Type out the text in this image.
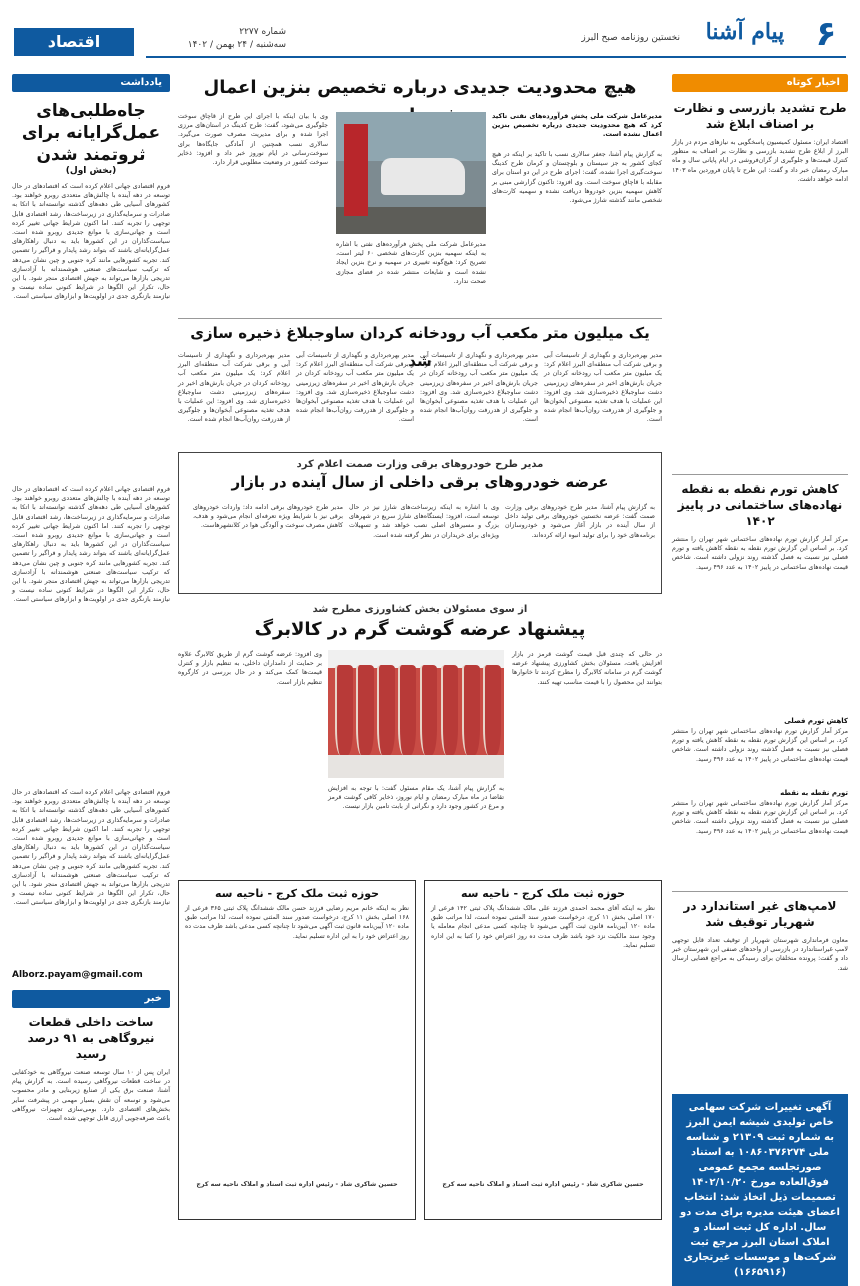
۶
پیام آشنا
نخستین روزنامه صبح البرز
شماره ۲۲۷۷
سه‌شنبه / ۲۴ بهمن / ۱۴۰۲
اقتصاد
اخبار کوتاه
طرح تشدید بازرسی و نظارت بر اصناف ابلاغ شد
اقتصاد ایران: مسئول کمیسیون پاسخگویی به نیازهای مردم در بازار البرز از ابلاغ طرح تشدید بازرسی و نظارت بر اصناف به منظور کنترل قیمت‌ها و جلوگیری از گران‌فروشی در ایام پایانی سال و ماه مبارک رمضان خبر داد و گفت: این طرح تا پایان فروردین ماه ۱۴۰۳ ادامه خواهد داشت.
کاهش تورم نقطه به نقطه نهاده‌های ساختمانی در پاییز ۱۴۰۲
مرکز آمار گزارش تورم نهاده‌های ساختمانی شهر تهران را منتشر کرد. بر اساس این گزارش تورم نقطه به نقطه کاهش یافته و تورم فصلی نیز نسبت به فصل گذشته روند نزولی داشته است. شاخص قیمت نهاده‌های ساختمانی در پاییز ۱۴۰۲ به عدد ۴۹۶ رسید.
کاهش تورم فصلی
مرکز آمار گزارش تورم نهاده‌های ساختمانی شهر تهران را منتشر کرد. بر اساس این گزارش تورم نقطه به نقطه کاهش یافته و تورم فصلی نیز نسبت به فصل گذشته روند نزولی داشته است. شاخص قیمت نهاده‌های ساختمانی در پاییز ۱۴۰۲ به عدد ۴۹۶ رسید.
تورم نقطه به نقطه
مرکز آمار گزارش تورم نهاده‌های ساختمانی شهر تهران را منتشر کرد. بر اساس این گزارش تورم نقطه به نقطه کاهش یافته و تورم فصلی نیز نسبت به فصل گذشته روند نزولی داشته است. شاخص قیمت نهاده‌های ساختمانی در پاییز ۱۴۰۲ به عدد ۴۹۶ رسید.
لامپ‌های غیر استاندارد در شهریار توقیف شد
معاون فرمانداری شهرستان شهریار از توقیف تعداد قابل توجهی لامپ غیراستاندارد در بازرسی از واحدهای صنفی این شهرستان خبر داد و گفت: پرونده متخلفان برای رسیدگی به مراجع قضایی ارسال شد.
آگهی تغییرات شرکت سهامی خاص تولیدی شیشه ایمن البرز به شماره ثبت ۲۱۳۰۹ و شناسه ملی ۱۰۸۶۰۳۷۶۲۷۴ به استناد صورتجلسه مجمع عمومی فوق‌العاده مورخ ۱۴۰۲/۱۰/۲۰ تصمیمات ذیل اتخاذ شد: انتخاب اعضای هیئت مدیره برای مدت دو سال. اداره کل ثبت اسناد و املاک استان البرز مرجع ثبت شرکت‌ها و موسسات غیرتجاری (۱۶۶۵۹۱۶)
هیچ محدودیت جدیدی درباره تخصیص بنزین اعمال
مدیرعامل شرکت ملی پخش فرآورده‌های نفتی تاکید کرد که هیچ محدودیت جدیدی درباره تخصیص بنزین اعمال نشده است.
به گزارش پیام آشنا، جعفر سالاری نسب با تاکید بر اینکه در هیچ کجای کشور به جز سیستان و بلوچستان و کرمان طرح کدینگ سوخت‌گیری اجرا نشده، گفت: اجرای طرح در این دو استان برای مقابله با قاچاق سوخت است. وی افزود: تاکنون گزارشی مبنی بر کاهش سهمیه بنزین خودروها دریافت نشده و سهمیه کارت‌های شخصی مانند گذشته شارژ می‌شود.
مدیرعامل شرکت ملی پخش فرآورده‌های نفتی با اشاره به اینکه سهمیه بنزین کارت‌های شخصی ۶۰ لیتر است، تصریح کرد: هیچ‌گونه تغییری در سهمیه و نرخ بنزین ایجاد نشده است و شایعات منتشر شده در فضای مجازی صحت ندارد.
وی با بیان اینکه با اجرای این طرح از قاچاق سوخت جلوگیری می‌شود، گفت: طرح کدینگ در استان‌های مرزی اجرا شده و برای مدیریت مصرف صورت می‌گیرد. سالاری نسب همچنین از آمادگی جایگاه‌ها برای سوخت‌رسانی در ایام نوروز خبر داد و افزود: ذخایر سوخت کشور در وضعیت مطلوبی قرار دارد.
یک میلیون متر مکعب آب رودخانه کردان ساوجبلاغ ذخیره سازی شد	مدیر بهره‌برداری و نگهداری از تاسیسات آبی و برقی شرکت آب منطقه‌ای البرز اعلام کرد: یک میلیون متر مکعب آب رودخانه کردان در جریان بارش‌های اخیر در سفره‌های زیرزمینی دشت ساوجبلاغ ذخیره‌سازی شد. وی افزود: این عملیات با هدف تغذیه مصنوعی آبخوان‌ها و جلوگیری از هدررفت روان‌آب‌ها انجام شده است.
مدیر بهره‌برداری و نگهداری از تاسیسات آبی و برقی شرکت آب منطقه‌ای البرز اعلام کرد: یک میلیون متر مکعب آب رودخانه کردان در جریان بارش‌های اخیر در سفره‌های زیرزمینی دشت ساوجبلاغ ذخیره‌سازی شد. وی افزود: این عملیات با هدف تغذیه مصنوعی آبخوان‌ها و جلوگیری از هدررفت روان‌آب‌ها انجام شده است.
مدیر بهره‌برداری و نگهداری از تاسیسات آبی و برقی شرکت آب منطقه‌ای البرز اعلام کرد: یک میلیون متر مکعب آب رودخانه کردان در جریان بارش‌های اخیر در سفره‌های زیرزمینی دشت ساوجبلاغ ذخیره‌سازی شد. وی افزود: این عملیات با هدف تغذیه مصنوعی آبخوان‌ها و جلوگیری از هدررفت روان‌آب‌ها انجام شده است.
مدیر بهره‌برداری و نگهداری از تاسیسات آبی و برقی شرکت آب منطقه‌ای البرز اعلام کرد: یک میلیون متر مکعب آب رودخانه کردان در جریان بارش‌های اخیر در سفره‌های زیرزمینی دشت ساوجبلاغ ذخیره‌سازی شد. وی افزود: این عملیات با هدف تغذیه مصنوعی آبخوان‌ها و جلوگیری از هدررفت روان‌آب‌ها انجام شده است.
مدیر طرح خودروهای برقی وزارت صمت اعلام کرد
عرضه خودروهای برقی داخلی از سال آینده در بازار
به گزارش پیام آشنا، مدیر طرح خودروهای برقی وزارت صمت گفت: عرضه نخستین خودروهای برقی تولید داخل از سال آینده در بازار آغاز می‌شود و خودروسازان برنامه‌های خود را برای تولید انبوه ارائه کرده‌اند.
وی با اشاره به اینکه زیرساخت‌های شارژ نیز در حال توسعه است، افزود: ایستگاه‌های شارژ سریع در شهرهای بزرگ و مسیرهای اصلی نصب خواهد شد و تسهیلات ویژه‌ای برای خریداران در نظر گرفته شده است.
مدیر طرح خودروهای برقی ادامه داد: واردات خودروهای برقی نیز با شرایط ویژه تعرفه‌ای انجام می‌شود و هدف، کاهش مصرف سوخت و آلودگی هوا در کلانشهرهاست.
از سوی مسئولان بخش کشاورزی مطرح شد
پیشنهاد عرضه گوشت گرم در کالابرگ
در حالی که چندی قبل قیمت گوشت قرمز در بازار افزایش یافت، مسئولان بخش کشاورزی پیشنهاد عرضه گوشت گرم در سامانه کالابرگ را مطرح کردند تا خانوارها بتوانند این محصول را با قیمت مناسب تهیه کنند.
به گزارش پیام آشنا، یک مقام مسئول گفت: با توجه به افزایش تقاضا در ماه مبارک رمضان و ایام نوروز، ذخایر کافی گوشت قرمز و مرغ در کشور وجود دارد و نگرانی از بابت تامین بازار نیست.
وی افزود: عرضه گوشت گرم از طریق کالابرگ علاوه بر حمایت از دامداران داخلی، به تنظیم بازار و کنترل قیمت‌ها کمک می‌کند و در حال بررسی در کارگروه تنظیم بازار است.
حوزه ثبت ملک کرج - ناحیه سه
نظر به اینکه آقای محمد احمدی فرزند علی مالک ششدانگ پلاک ثبتی ۱۴۲ فرعی از ۱۷۰ اصلی بخش ۱۱ کرج، درخواست صدور سند المثنی نموده است، لذا مراتب طبق ماده ۱۲۰ آیین‌نامه قانون ثبت آگهی می‌شود تا چنانچه کسی مدعی انجام معامله یا وجود سند مالکیت نزد خود باشد ظرف مدت ده روز اعتراض خود را کتبا به این اداره تسلیم نماید.
حسین شاکری شاد - رئیس اداره ثبت اسناد و املاک ناحیه سه کرج
حوزه ثبت ملک کرج - ناحیه سه
نظر به اینکه خانم مریم رضایی فرزند حسن مالک ششدانگ پلاک ثبتی ۳۶۵ فرعی از ۱۶۸ اصلی بخش ۱۱ کرج، درخواست صدور سند المثنی نموده است، لذا مراتب طبق ماده ۱۲۰ آیین‌نامه قانون ثبت آگهی می‌شود تا چنانچه کسی مدعی باشد ظرف مدت ده روز اعتراض خود را به این اداره تسلیم نماید.
حسین شاکری شاد - رئیس اداره ثبت اسناد و املاک ناحیه سه کرج
یادداشت
جاه‌طلبی‌های عمل‌گرایانه برای ثروتمند شدن
(بخش اول)
فروم اقتصادی جهانی اعلام کرده است که اقتصادهای در حال توسعه در دهه آینده با چالش‌های متعددی روبرو خواهند بود. کشورهای آسیایی طی دهه‌های گذشته توانسته‌اند با اتکا به صادرات و سرمایه‌گذاری در زیرساخت‌ها، رشد اقتصادی قابل توجهی را تجربه کنند. اما اکنون شرایط جهانی تغییر کرده است و جهانی‌سازی با موانع جدیدی روبرو شده است. سیاست‌گذاران در این کشورها باید به دنبال راهکارهای عمل‌گرایانه‌ای باشند که بتواند رشد پایدار و فراگیر را تضمین کند. تجربه کشورهایی مانند کره جنوبی و چین نشان می‌دهد که ترکیب سیاست‌های صنعتی هوشمندانه با آزادسازی تدریجی بازارها می‌تواند به جهش اقتصادی منجر شود. با این حال، تکرار این الگوها در شرایط کنونی ساده نیست و نیازمند بازنگری جدی در اولویت‌ها و ابزارهای سیاستی است.
فروم اقتصادی جهانی اعلام کرده است که اقتصادهای در حال توسعه در دهه آینده با چالش‌های متعددی روبرو خواهند بود. کشورهای آسیایی طی دهه‌های گذشته توانسته‌اند با اتکا به صادرات و سرمایه‌گذاری در زیرساخت‌ها، رشد اقتصادی قابل توجهی را تجربه کنند. اما اکنون شرایط جهانی تغییر کرده است و جهانی‌سازی با موانع جدیدی روبرو شده است. سیاست‌گذاران در این کشورها باید به دنبال راهکارهای عمل‌گرایانه‌ای باشند که بتواند رشد پایدار و فراگیر را تضمین کند. تجربه کشورهایی مانند کره جنوبی و چین نشان می‌دهد که ترکیب سیاست‌های صنعتی هوشمندانه با آزادسازی تدریجی بازارها می‌تواند به جهش اقتصادی منجر شود. با این حال، تکرار این الگوها در شرایط کنونی ساده نیست و نیازمند بازنگری جدی در اولویت‌ها و ابزارهای سیاستی است.
فروم اقتصادی جهانی اعلام کرده است که اقتصادهای در حال توسعه در دهه آینده با چالش‌های متعددی روبرو خواهند بود. کشورهای آسیایی طی دهه‌های گذشته توانسته‌اند با اتکا به صادرات و سرمایه‌گذاری در زیرساخت‌ها، رشد اقتصادی قابل توجهی را تجربه کنند. اما اکنون شرایط جهانی تغییر کرده است و جهانی‌سازی با موانع جدیدی روبرو شده است. سیاست‌گذاران در این کشورها باید به دنبال راهکارهای عمل‌گرایانه‌ای باشند که بتواند رشد پایدار و فراگیر را تضمین کند. تجربه کشورهایی مانند کره جنوبی و چین نشان می‌دهد که ترکیب سیاست‌های صنعتی هوشمندانه با آزادسازی تدریجی بازارها می‌تواند به جهش اقتصادی منجر شود. با این حال، تکرار این الگوها در شرایط کنونی ساده نیست و نیازمند بازنگری جدی در اولویت‌ها و ابزارهای سیاستی است.
Alborz.payam@gmail.com
خبر
ساخت داخلی قطعات نیروگاهی به ۹۱ درصد رسید
ایران پس از ۱۰ سال توسعه صنعت نیروگاهی به خودکفایی در ساخت قطعات نیروگاهی رسیده است. به گزارش پیام آشنا، صنعت برق یکی از صنایع زیربنایی و مادر محسوب می‌شود و توسعه آن نقش بسیار مهمی در پیشرفت سایر بخش‌های اقتصادی دارد. بومی‌سازی تجهیزات نیروگاهی باعث صرفه‌جویی ارزی قابل توجهی شده است.
